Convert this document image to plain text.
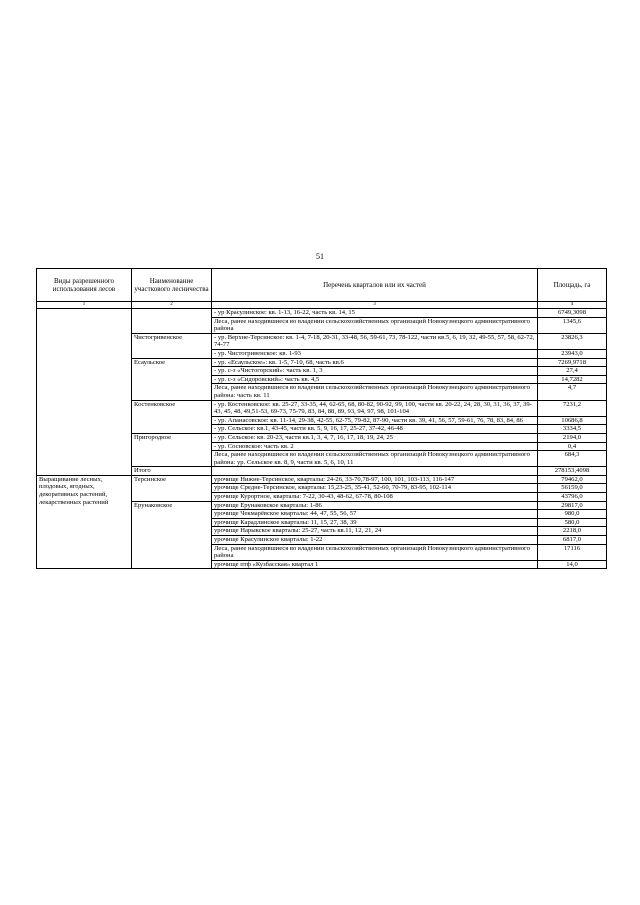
51
Виды разрешенного использования лесов	Наименование участкового лесничества	Перечень кварталов или их частей	Площадь, га
1	2	3	4
		- ур Красулинское: кв. 1-13, 16-22, часть кв. 14, 15	6749,3098
		Леса, ранее находившиеся во владении сельскохозяйственных организаций Новокузнецкого административного района	1345,6
	Чистогривенское	- ур. Верхне-Терсинское: кв. 1-4, 7-18, 20-31, 33-48, 56, 59-61, 73, 78-122, части кв.5, 6, 19, 32, 49-55, 57, 58, 62-72, 74-77	23826,3
		- ур. Чистогривенское: кв. 1-93	23943,0
	Есаульское	- ур. «Есаульское»: кв. 1-5, 7-10, 68, часть кв.6	7269,9718
		- ур. с-з «Чистогорский»: часть кв. 1, 3	27,4
		- ур. с-з «Сидоровский»: часть кв. 4,5	14,7282
		Леса, ранее находившиеся во владении сельскохозяйственных организаций Новокузнецкого административного района: часть кв. 11	4,7
	Костенковское	- ур. Костенковское: кв. 25-27, 33-35, 44, 62-65, 68, 80-82, 90-92, 99, 100, части кв. 20-22, 24, 28, 30, 31, 36, 37, 39-43, 45, 48, 49,51-53, 69-73, 75-79, 83, 84, 88, 89, 93, 94, 97, 98, 101-104	7231,2
		- ур. Апанасовское: кв. 11-14, 29-38, 42-55, 62-75, 79-82, 87-90, части кв. 39, 41, 56, 57, 59-61, 76, 78, 83, 84, 86	10686,8
		- ур. Сельское: кв.1, 43-45, части кв. 5, 9, 16, 17, 25-27, 37-42, 46-48	3334,5
	Пригородное	- ур. Сельское: кв. 20-23, части кв.1, 3, 4, 7, 16, 17, 18, 19, 24, 25	2194,0
		- ур. Сосновское: часть кв. 2	0,4
		Леса, ранее находившиеся во владении сельскохозяйственных организаций Новокузнецкого административного района: ур. Сельское кв. 8, 9, части кв. 5, 6, 10, 11	684,3
	Итого		278153,4098
Выращивание лесных, плодовых, ягодных, декоративных растений, лекарственных растений	Терсинское	урочище Нижне-Терсинское, кварталы: 24-26, 33-70,78-97, 100, 101, 103-113, 116-147	79462,0
		урочище Средне-Терсинское, кварталы: 15,23-25, 35-41, 52-60, 70-79, 83-95, 102-114	56159,0
		урочище Курортное, кварталы: 7-22, 30-43, 48-62, 67-78, 80-108	43796,0
	Ерунаковское	урочище Ерунаковское кварталы: 1-86	29817,0
		урочище Чекмарёвское кварталы: 44, 47, 55, 56, 57	980,0
		урочище Карадлинское кварталы: 11, 15, 27, 38, 39	580,0
		урочище Нарыкское кварталы: 25-27, часть кв.11, 12, 21, 24	2218,0
		урочище Красулинское кварталы: 1-22	6817,0
		Леса, ранее находившиеся во владении сельскохозяйственных организаций Новокузнецкого административного района	17116
		урочище птф «Кузбасская» квартал 1	14,0
